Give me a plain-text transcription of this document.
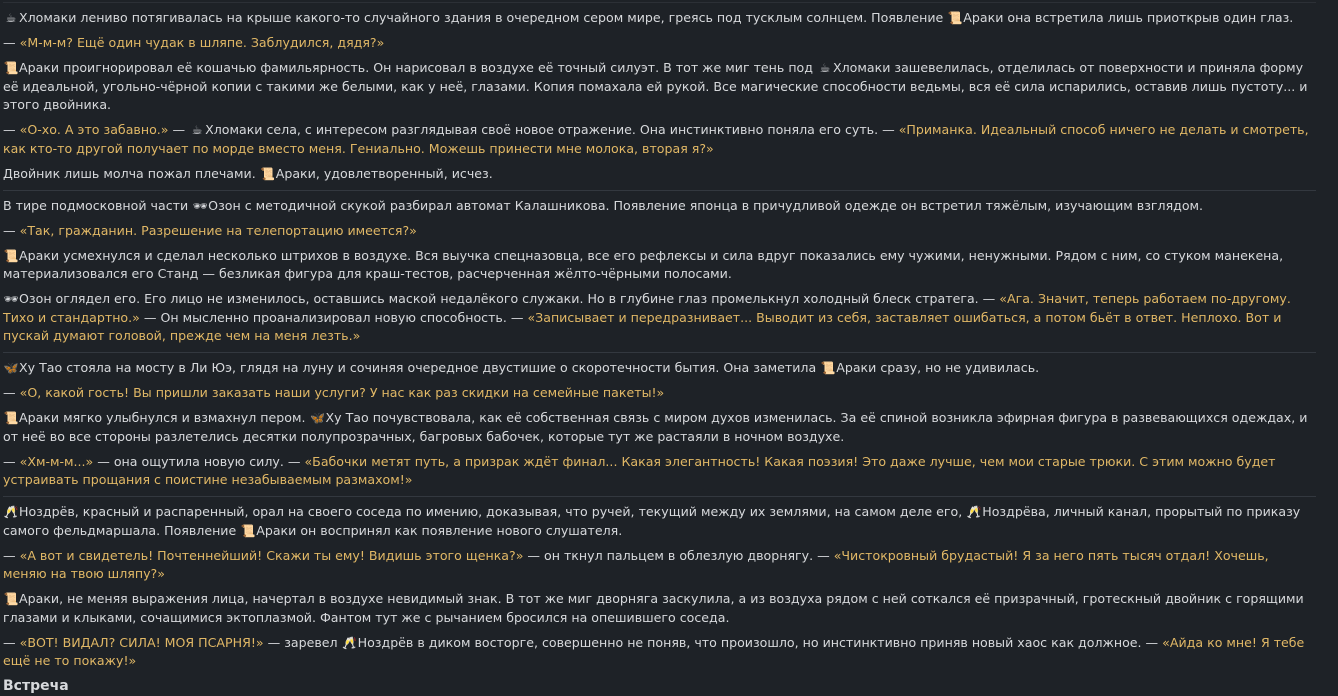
☕ Хломаки лениво потягивалась на крыше какого-то случайного здания в очередном сером мире, греясь под тусклым солнцем. Появление 📜Араки она встретила лишь приоткрыв один глаз.
— «М-м-м? Ещё один чудак в шляпе. Заблудился, дядя?»
📜Араки проигнорировал её кошачью фамильярность. Он нарисовал в воздухе её точный силуэт. В тот же миг тень под ☕ Хломаки зашевелилась, отделилась от поверхности и приняла форму её идеальной, угольно-чёрной копии с такими же белыми, как у неё, глазами. Копия помахала ей рукой. Все магические способности ведьмы, вся её сила испарились, оставив лишь пустоту... и этого двойника.
— «О-хо. А это забавно.» — ☕ Хломаки села, с интересом разглядывая своё новое отражение. Она инстинктивно поняла его суть. — «Приманка. Идеальный способ ничего не делать и смотреть, как кто-то другой получает по морде вместо меня. Гениально. Можешь принести мне молока, вторая я?»
Двойник лишь молча пожал плечами. 📜Араки, удовлетворенный, исчез.
В тире подмосковной части 🕶Озон с методичной скукой разбирал автомат Калашникова. Появление японца в причудливой одежде он встретил тяжёлым, изучающим взглядом.
— «Так, гражданин. Разрешение на телепортацию имеется?»
📜Араки усмехнулся и сделал несколько штрихов в воздухе. Вся выучка спецназовца, все его рефлексы и сила вдруг показались ему чужими, ненужными. Рядом с ним, со стуком манекена, материализовался его Станд — безликая фигура для краш-тестов, расчерченная жёлто-чёрными полосами.
🕶Озон оглядел его. Его лицо не изменилось, оставшись маской недалёкого служаки. Но в глубине глаз промелькнул холодный блеск стратега. — «Ага. Значит, теперь работаем по-другому. Тихо и стандартно.» — Он мысленно проанализировал новую способность. — «Записывает и передразнивает... Выводит из себя, заставляет ошибаться, а потом бьёт в ответ. Неплохо. Вот и пускай думают головой, прежде чем на меня лезть.»
🦋Ху Тао стояла на мосту в Ли Юэ, глядя на луну и сочиняя очередное двустишие о скоротечности бытия. Она заметила 📜Араки сразу, но не удивилась.
— «О, какой гость! Вы пришли заказать наши услуги? У нас как раз скидки на семейные пакеты!»
📜Араки мягко улыбнулся и взмахнул пером. 🦋Ху Тао почувствовала, как её собственная связь с миром духов изменилась. За её спиной возникла эфирная фигура в развевающихся одеждах, и от неё во все стороны разлетелись десятки полупрозрачных, багровых бабочек, которые тут же растаяли в ночном воздухе.
— «Хм-м-м...» — она ощутила новую силу. — «Бабочки метят путь, а призрак ждёт финал... Какая элегантность! Какая поэзия! Это даже лучше, чем мои старые трюки. С этим можно будет устраивать прощания с поистине незабываемым размахом!»
🥂Ноздрёв, красный и распаренный, орал на своего соседа по имению, доказывая, что ручей, текущий между их землями, на самом деле его, 🥂Ноздрёва, личный канал, прорытый по приказу самого фельдмаршала. Появление 📜Араки он воспринял как появление нового слушателя.
— «А вот и свидетель! Почтеннейший! Скажи ты ему! Видишь этого щенка?» — он ткнул пальцем в облезлую дворнягу. — «Чистокровный брудастый! Я за него пять тысяч отдал! Хочешь, меняю на твою шляпу?»
📜Араки, не меняя выражения лица, начертал в воздухе невидимый знак. В тот же миг дворняга заскулила, а из воздуха рядом с ней соткался её призрачный, гротескный двойник с горящими глазами и клыками, сочащимися эктоплазмой. Фантом тут же с рычанием бросился на опешившего соседа.
— «ВОТ! ВИДАЛ? СИЛА! МОЯ ПСАРНЯ!» — заревел 🥂Ноздрёв в диком восторге, совершенно не поняв, что произошло, но инстинктивно приняв новый хаос как должное. — «Айда ко мне! Я тебе ещё не то покажу!»
Встреча
